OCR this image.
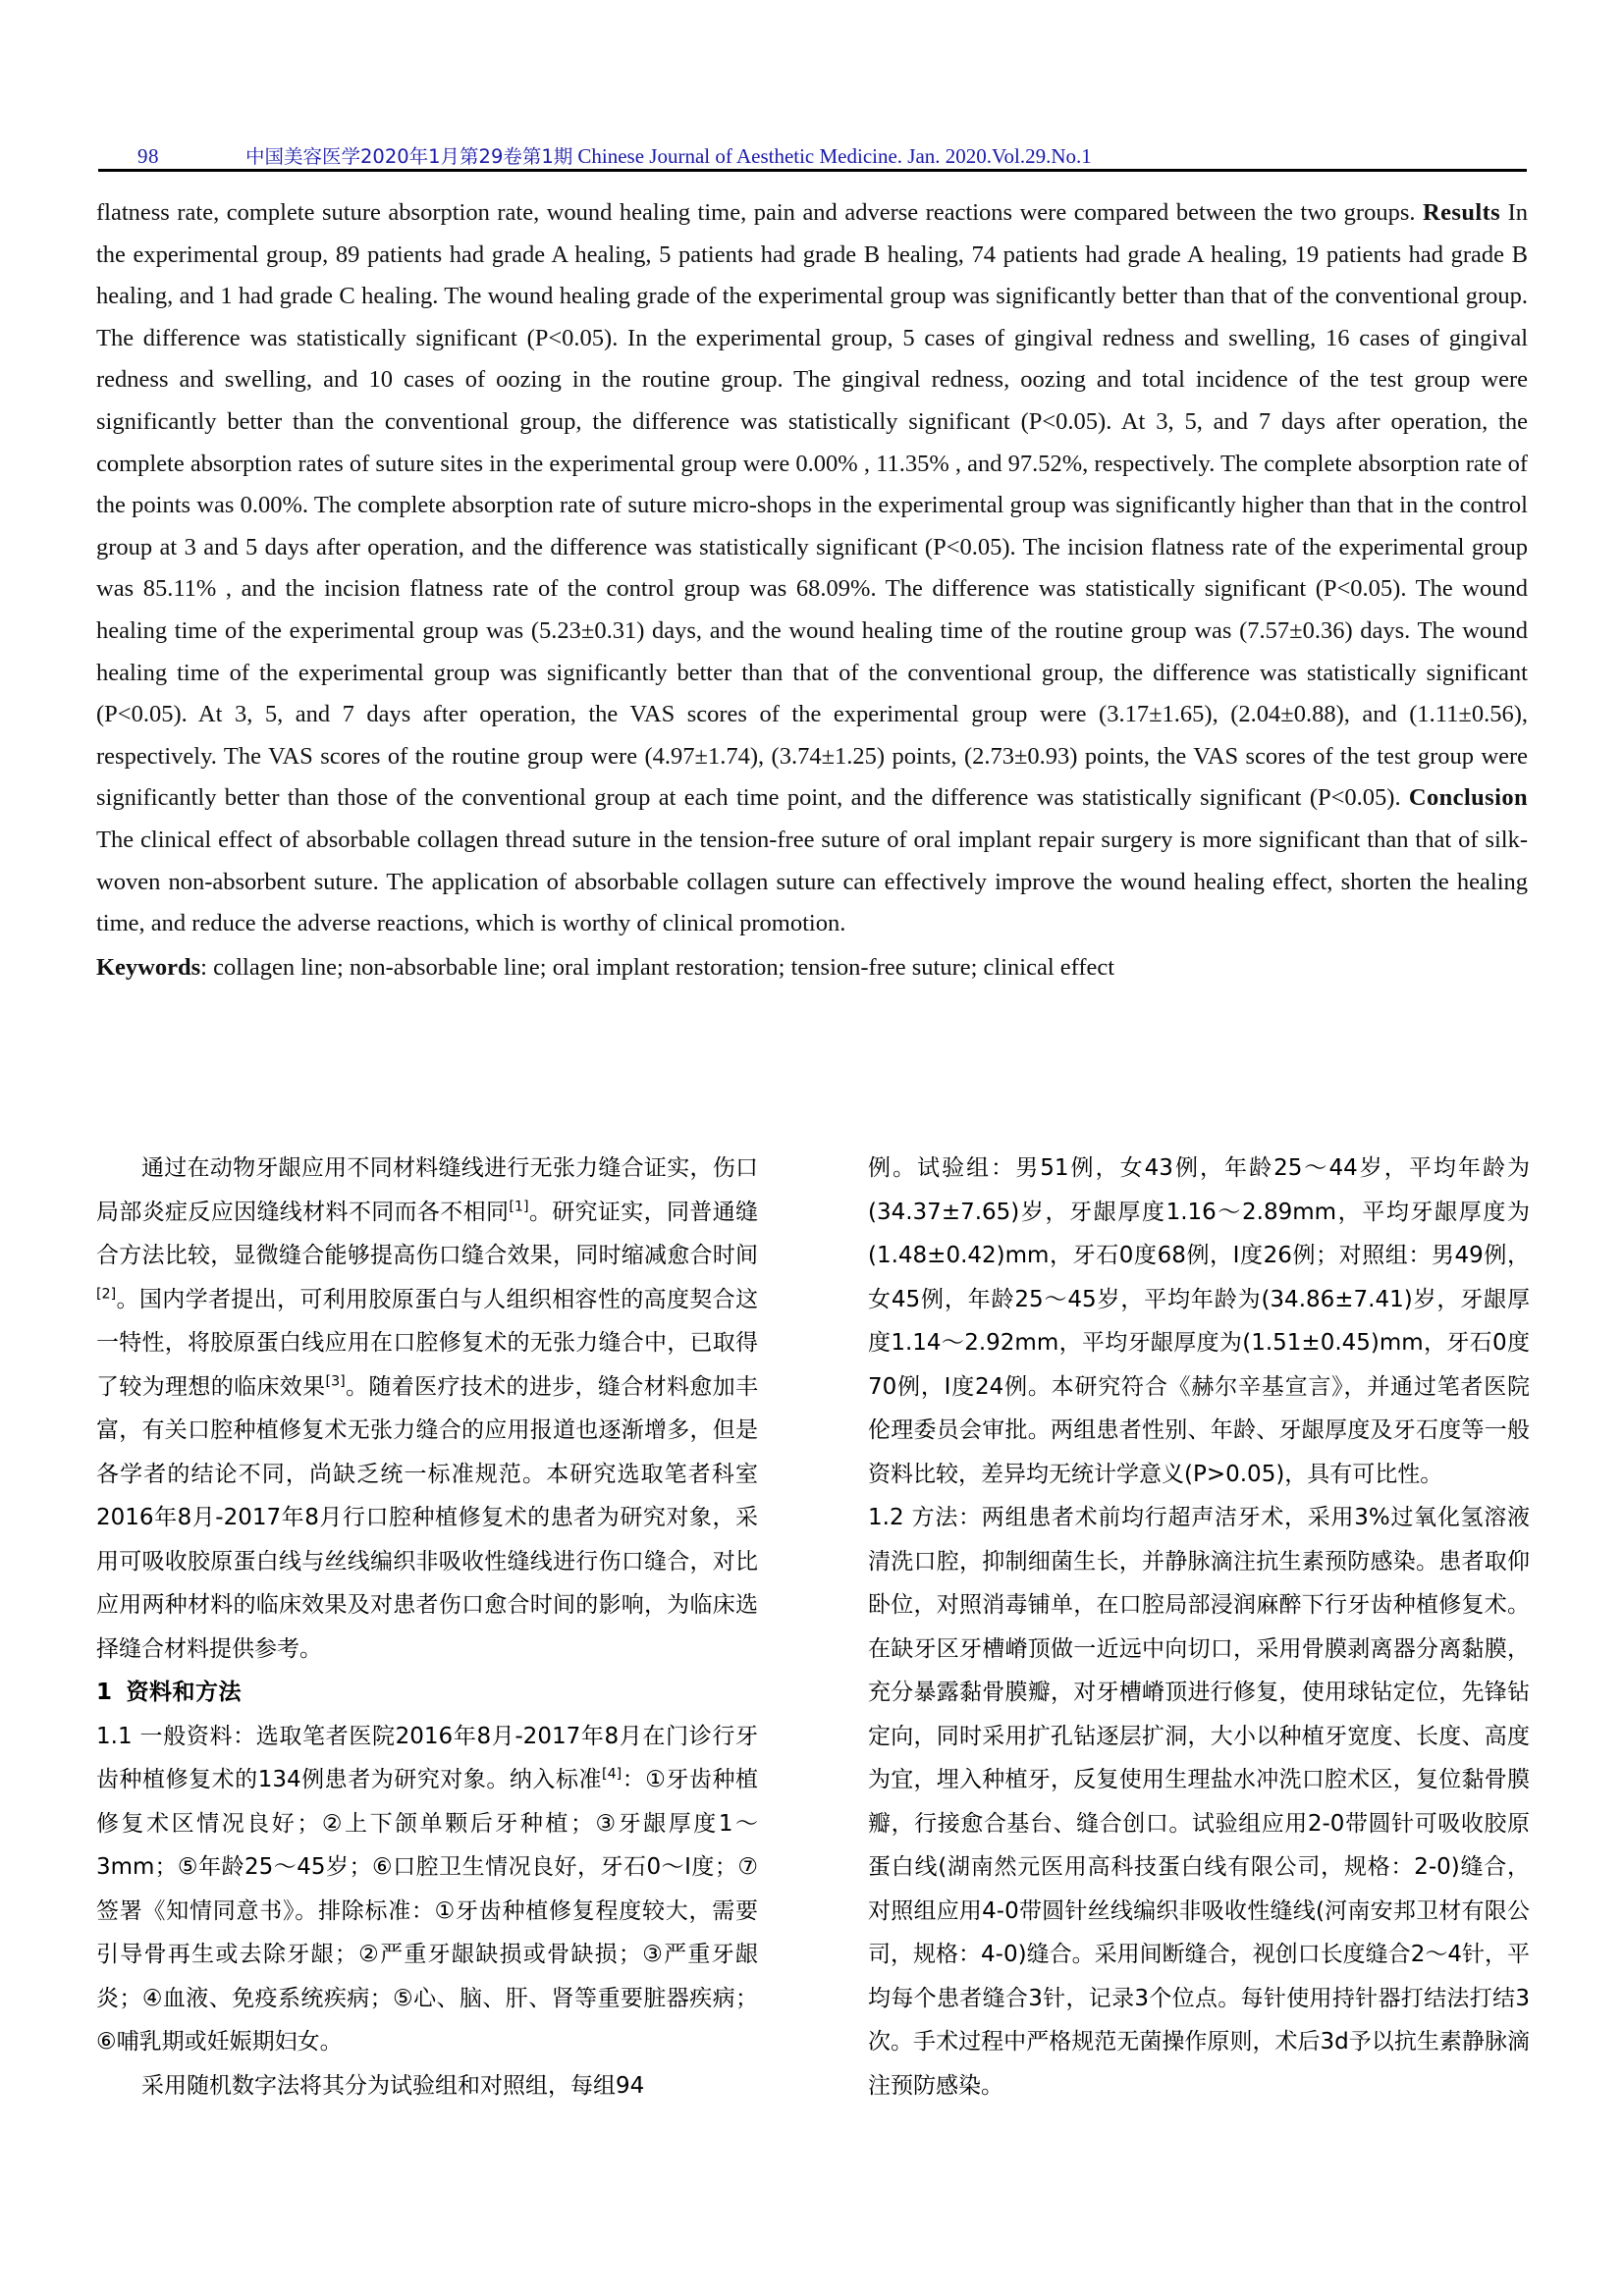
98	中国美容医学2020年1月第29卷第1期 Chinese Journal of Aesthetic Medicine. Jan. 2020.Vol.29.No.1
flatness rate, complete suture absorption rate, wound healing time, pain and adverse reactions were compared between the two groups. Results In the experimental group, 89 patients had grade A healing, 5 patients had grade B healing, 74 patients had grade A healing, 19 patients had grade B healing, and 1 had grade C healing. The wound healing grade of the experimental group was significantly better than that of the conventional group. The difference was statistically significant (P<0.05). In the experimental group, 5 cases of gingival redness and swelling, 16 cases of gingival redness and swelling, and 10 cases of oozing in the routine group. The gingival redness, oozing and total incidence of the test group were significantly better than the conventional group, the difference was statistically significant (P<0.05). At 3, 5, and 7 days after operation, the complete absorption rates of suture sites in the experimental group were 0.00% , 11.35% , and 97.52%, respectively. The complete absorption rate of the points was 0.00%. The complete absorption rate of suture micro-shops in the experimental group was significantly higher than that in the control group at 3 and 5 days after operation, and the difference was statistically significant (P<0.05). The incision flatness rate of the experimental group was 85.11% , and the incision flatness rate of the control group was 68.09%. The difference was statistically significant (P<0.05). The wound healing time of the experimental group was (5.23±0.31) days, and the wound healing time of the routine group was (7.57±0.36) days. The wound healing time of the experimental group was significantly better than that of the conventional group, the difference was statistically significant (P<0.05). At 3, 5, and 7 days after operation, the VAS scores of the experimental group were (3.17±1.65), (2.04±0.88), and (1.11±0.56), respectively. The VAS scores of the routine group were (4.97±1.74), (3.74±1.25) points, (2.73±0.93) points, the VAS scores of the test group were significantly better than those of the conventional group at each time point, and the difference was statistically significant (P<0.05). Conclusion The clinical effect of absorbable collagen thread suture in the tension-free suture of oral implant repair surgery is more significant than that of silk-woven non-absorbent suture. The application of absorbable collagen suture can effectively improve the wound healing effect, shorten the healing time, and reduce the adverse reactions, which is worthy of clinical promotion.
Keywords: collagen line; non-absorbable line; oral implant restoration; tension-free suture; clinical effect

通过在动物牙龈应用不同材料缝线进行无张力缝合证实，伤口局部炎症反应因缝线材料不同而各不相同[1]。研究证实，同普通缝合方法比较，显微缝合能够提高伤口缝合效果，同时缩减愈合时间[2]。国内学者提出，可利用胶原蛋白与人组织相容性的高度契合这一特性，将胶原蛋白线应用在口腔修复术的无张力缝合中，已取得了较为理想的临床效果[3]。随着医疗技术的进步，缝合材料愈加丰富，有关口腔种植修复术无张力缝合的应用报道也逐渐增多，但是各学者的结论不同，尚缺乏统一标准规范。本研究选取笔者科室2016年8月-2017年8月行口腔种植修复术的患者为研究对象，采用可吸收胶原蛋白线与丝线编织非吸收性缝线进行伤口缝合，对比应用两种材料的临床效果及对患者伤口愈合时间的影响，为临床选择缝合材料提供参考。

1 资料和方法

1.1 一般资料：选取笔者医院2016年8月-2017年8月在门诊行牙齿种植修复术的134例患者为研究对象。纳入标准[4]：①牙齿种植修复术区情况良好；②上下颌单颗后牙种植；③牙龈厚度1～3mm；⑤年龄25～45岁；⑥口腔卫生情况良好，牙石0～I度；⑦签署《知情同意书》。排除标准：①牙齿种植修复程度较大，需要引导骨再生或去除牙龈；②严重牙龈缺损或骨缺损；③严重牙龈炎；④血液、免疫系统疾病；⑤心、脑、肝、肾等重要脏器疾病；⑥哺乳期或妊娠期妇女。

采用随机数字法将其分为试验组和对照组，每组94

例。试验组：男51例，女43例，年龄25～44岁，平均年龄为(34.37±7.65)岁，牙龈厚度1.16～2.89mm，平均牙龈厚度为(1.48±0.42)mm，牙石0度68例，I度26例；对照组：男49例，女45例，年龄25～45岁，平均年龄为(34.86±7.41)岁，牙龈厚度1.14～2.92mm，平均牙龈厚度为(1.51±0.45)mm，牙石0度70例，I度24例。本研究符合《赫尔辛基宣言》，并通过笔者医院伦理委员会审批。两组患者性别、年龄、牙龈厚度及牙石度等一般资料比较，差异均无统计学意义(P>0.05)，具有可比性。

1.2 方法：两组患者术前均行超声洁牙术，采用3%过氧化氢溶液清洗口腔，抑制细菌生长，并静脉滴注抗生素预防感染。患者取仰卧位，对照消毒铺单，在口腔局部浸润麻醉下行牙齿种植修复术。在缺牙区牙槽嵴顶做一近远中向切口，采用骨膜剥离器分离黏膜，充分暴露黏骨膜瓣，对牙槽嵴顶进行修复，使用球钻定位，先锋钻定向，同时采用扩孔钻逐层扩洞，大小以种植牙宽度、长度、高度为宜，埋入种植牙，反复使用生理盐水冲洗口腔术区，复位黏骨膜瓣，行接愈合基台、缝合创口。试验组应用2-0带圆针可吸收胶原蛋白线(湖南然元医用高科技蛋白线有限公司，规格：2-0)缝合，对照组应用4-0带圆针丝线编织非吸收性缝线(河南安邦卫材有限公司，规格：4-0)缝合。采用间断缝合，视创口长度缝合2～4针，平均每个患者缝合3针，记录3个位点。每针使用持针器打结法打结3次。手术过程中严格规范无菌操作原则，术后3d予以抗生素静脉滴注预防感染。
